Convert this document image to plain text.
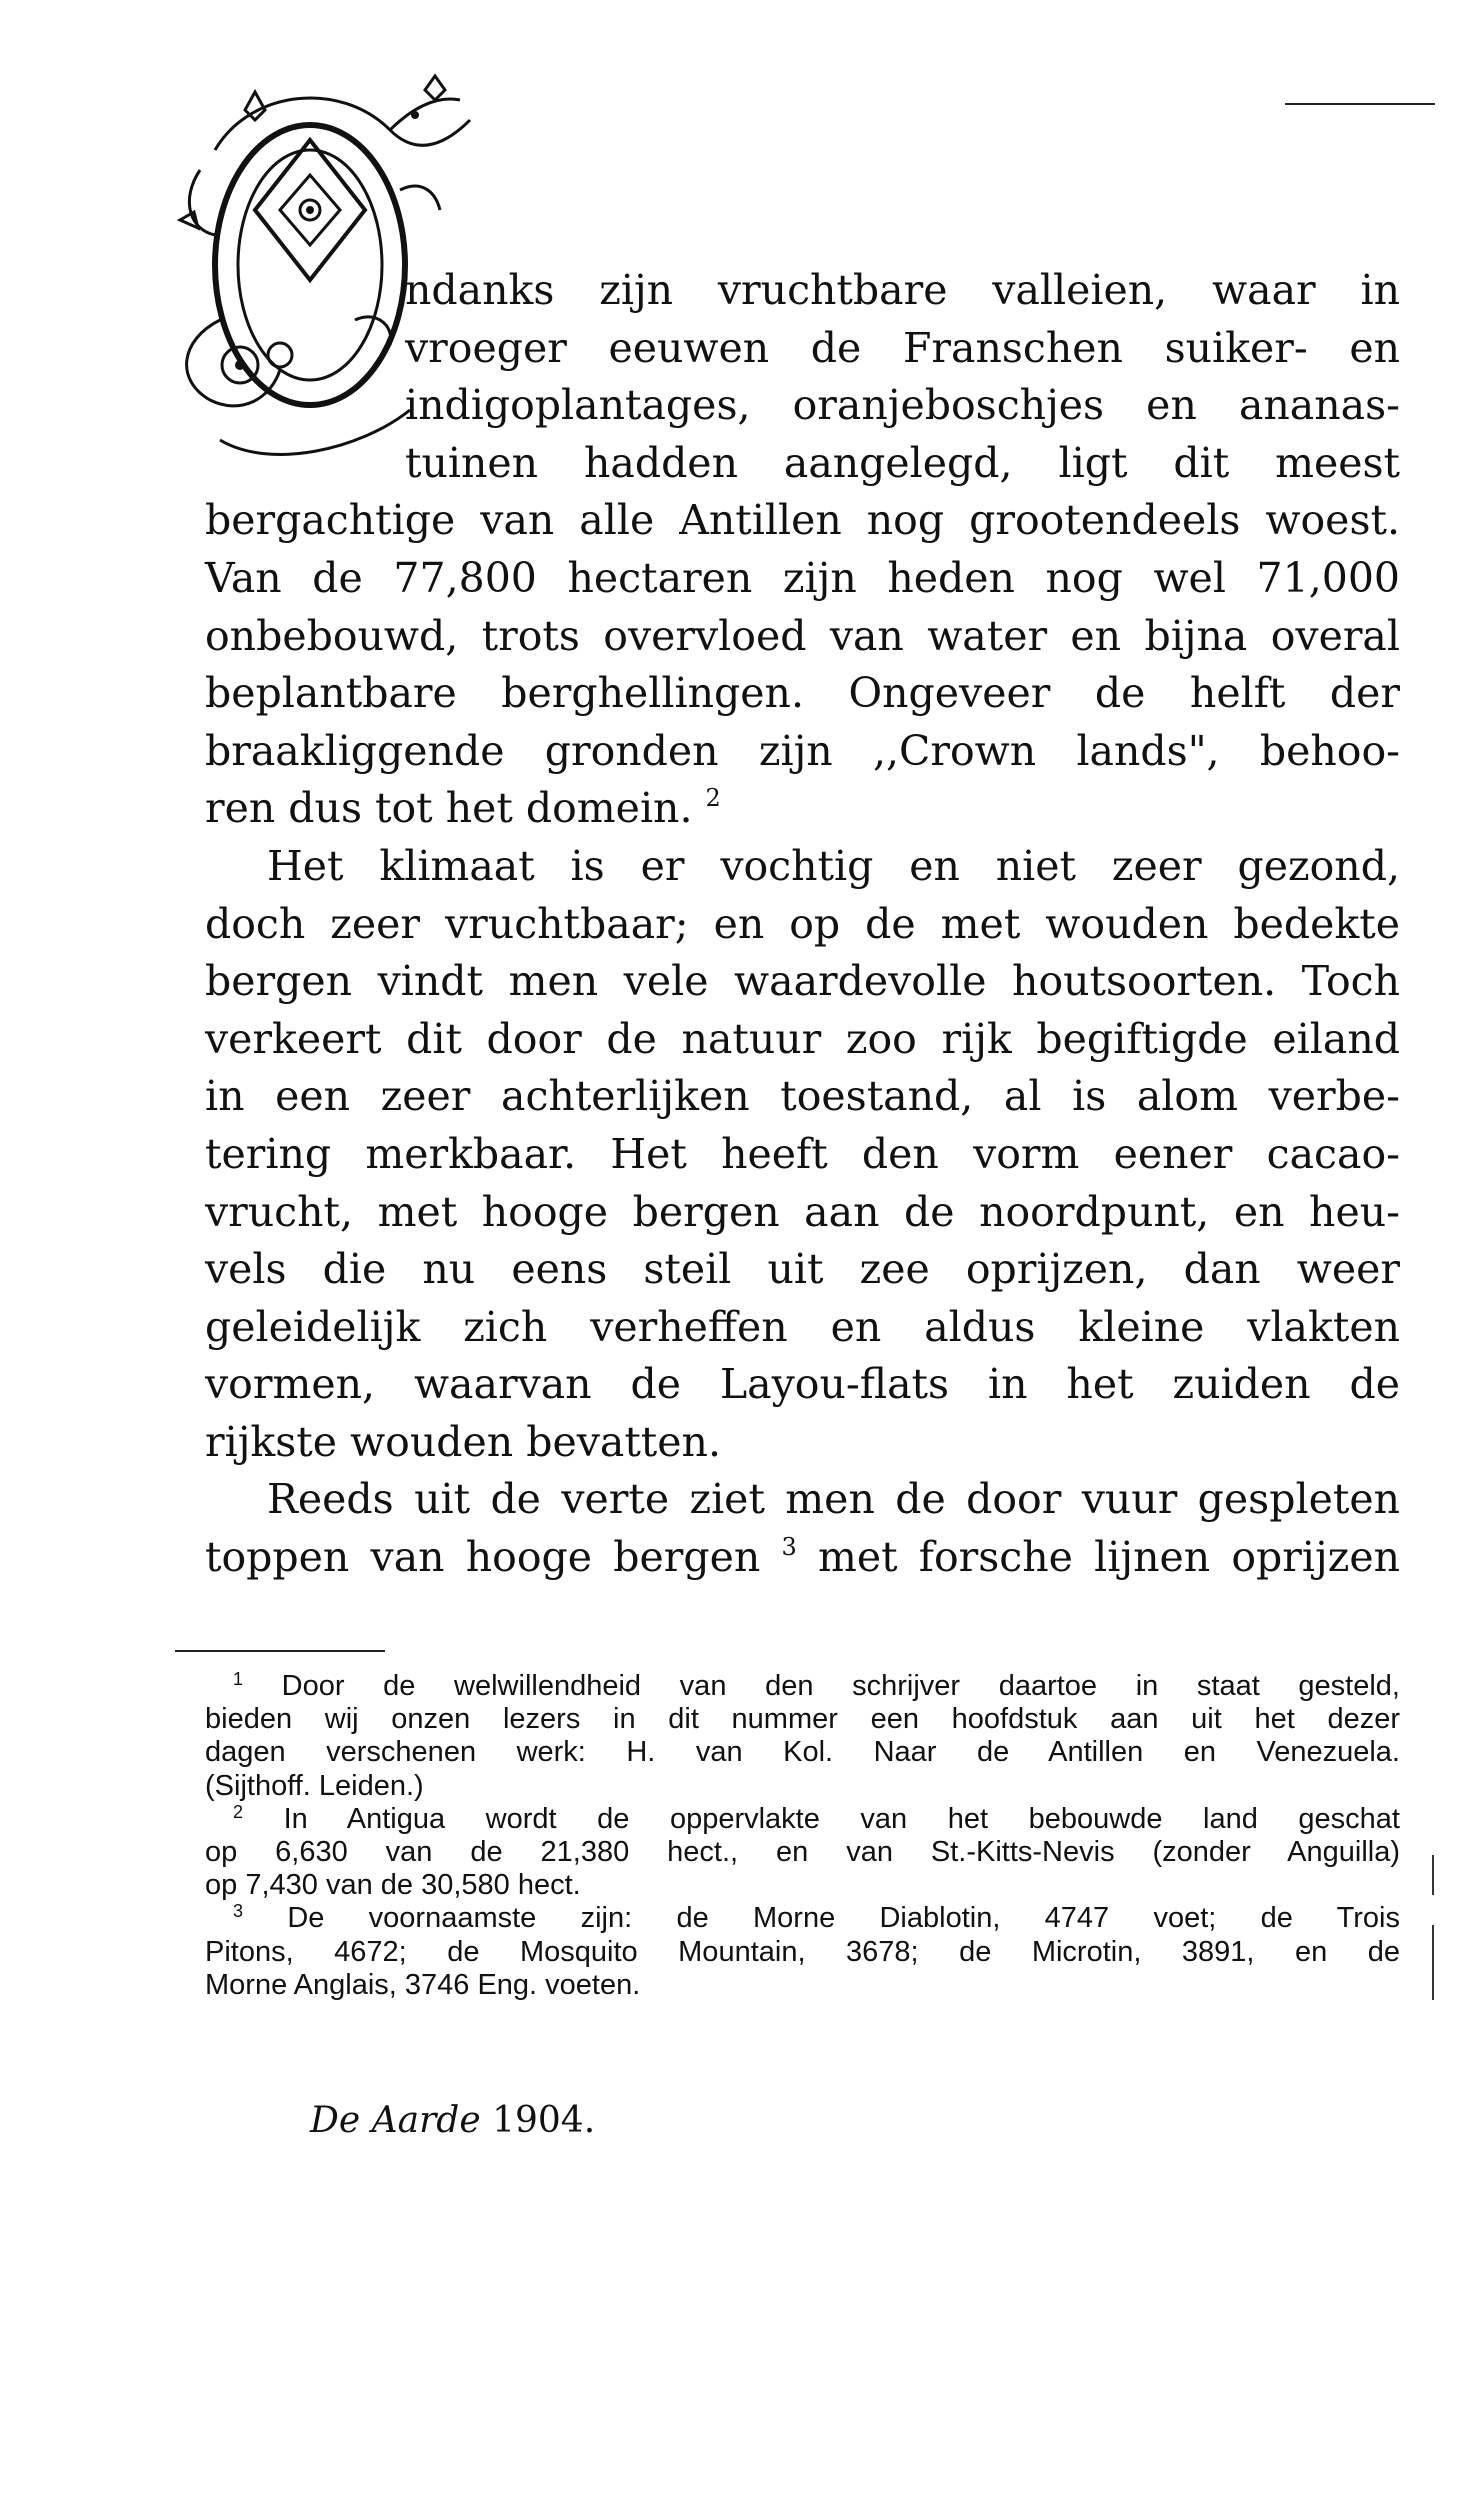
ndanks zijn vruchtbare valleien, waar in
vroeger eeuwen de Franschen suiker- en
indigoplantages, oranjeboschjes en ananas-
tuinen hadden aangelegd, ligt dit meest
bergachtige van alle Antillen nog grootendeels woest.
Van de 77,800 hectaren zijn heden nog wel 71,000
onbebouwd, trots overvloed van water en bijna overal
beplantbare berghellingen. Ongeveer de helft der
braakliggende gronden zijn ,,Crown lands", behoo-
ren dus tot het domein. $^2$
Het klimaat is er vochtig en niet zeer gezond,
doch zeer vruchtbaar; en op de met wouden bedekte
bergen vindt men vele waardevolle houtsoorten. Toch
verkeert dit door de natuur zoo rijk begiftigde eiland
in een zeer achterlijken toestand, al is alom verbe-
tering merkbaar. Het heeft den vorm eener cacao-
vrucht, met hooge bergen aan de noordpunt, en heu-
vels die nu eens steil uit zee oprijzen, dan weer
geleidelijk zich verheffen en aldus kleine vlakten
vormen, waarvan de Layou-flats in het zuiden de
rijkste wouden bevatten.
Reeds uit de verte ziet men de door vuur gespleten
toppen van hooge bergen $^3$ met forsche lijnen oprijzen
$^1$ Door de welwillendheid van den schrijver daartoe in staat gesteld,
bieden wij onzen lezers in dit nummer een hoofdstuk aan uit het dezer
dagen verschenen werk: H. van Kol. Naar de Antillen en Venezuela.
(Sijthoff. Leiden.)
$^2$ In Antigua wordt de oppervlakte van het bebouwde land geschat
op 6,630 van de 21,380 hect., en van St.-Kitts-Nevis (zonder Anguilla)
op 7,430 van de 30,580 hect.
$^3$ De voornaamste zijn: de Morne Diablotin, 4747 voet; de Trois
Pitons, 4672; de Mosquito Mountain, 3678; de Microtin, 3891, en de
Morne Anglais, 3746 Eng. voeten.
De Aarde 1904.
